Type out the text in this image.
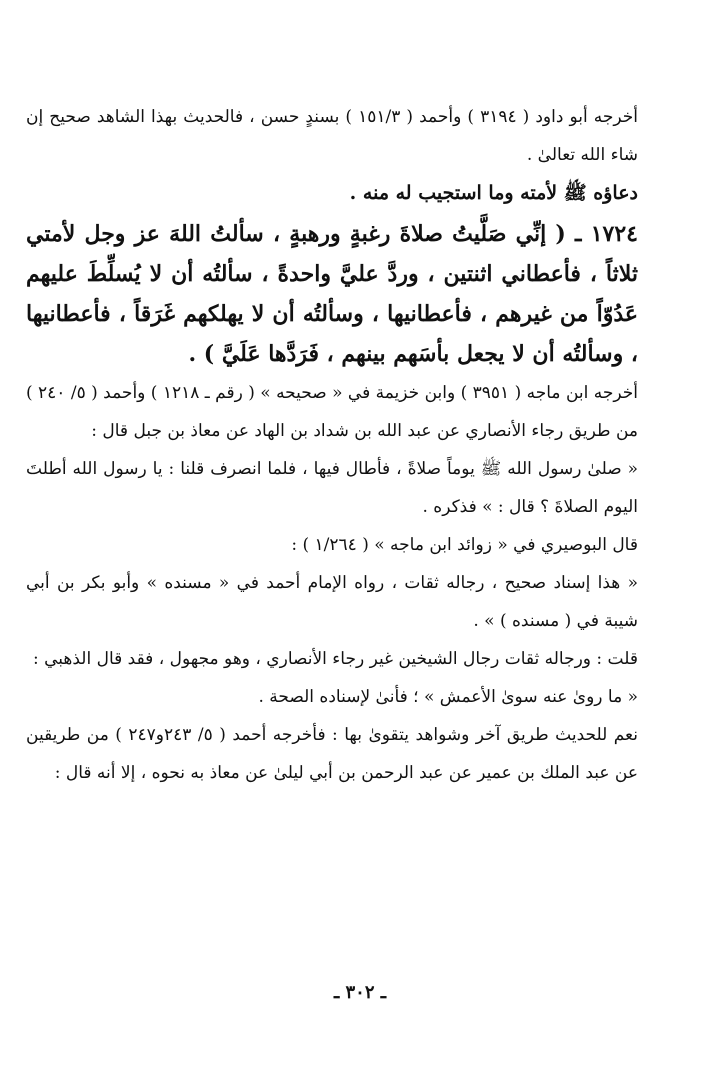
أخرجه أبو داود ( ٣١٩٤ ) وأحمد ( ١٥١/٣ ) بسندٍ حسن ، فالحديث بهذا الشاهد صحيح إن شاء الله تعالىٰ .

دعاؤه ﷺ لأمته وما استجيب له منه .

١٧٢٤ ـ ( إنِّي صَلَّيتُ صلاةَ رغبةٍ ورهبةٍ ، سألتُ اللهَ عز وجل لأمتي ثلاثاً ، فأعطاني اثنتين ، وردَّ عليَّ واحدةً ، سألتُه أن لا يُسلِّطَ عليهم عَدُوّاً من غيرهم ، فأعطانيها ، وسألتُه أن لا يهلكهم غَرَقاً ، فأعطانيها ، وسألتُه أن لا يجعل بأسَهم بينهم ، فَرَدَّها عَلَيَّ ) .

أخرجه ابن ماجه ( ٣٩٥١ ) وابن خزيمة في « صحيحه » ( رقم ـ ١٢١٨ ) وأحمد ( ٥/ ٢٤٠ ) من طريق رجاء الأنصاري عن عبد الله بن شداد بن الهاد عن معاذ بن جبل قال :

« صلىٰ رسول الله ﷺ يوماً صلاةً ، فأطال فيها ، فلما انصرف قلنا : يا رسول الله أطلتَ اليوم الصلاةَ ؟ قال : » فذكره .

قال البوصيري في « زوائد ابن ماجه » ( ١/٢٦٤ ) :

« هذا إسناد صحيح ، رجاله ثقات ، رواه الإمام أحمد في « مسنده » وأبو بكر بن أبي شيبة في ( مسنده ) » .

قلت : ورجاله ثقات رجال الشيخين غير رجاء الأنصاري ، وهو مجهول ، فقد قال الذهبي :

« ما روىٰ عنه سوىٰ الأعمش » ؛ فأنىٰ لإسناده الصحة .

نعم للحديث طريق آخر وشواهد يتقوىٰ بها : فأخرجه أحمد ( ٥/ ٢٤٣و٢٤٧ ) من طريقين عن عبد الملك بن عمير عن عبد الرحمن بن أبي ليلىٰ عن معاذ به نحوه ، إلا أنه قال :

ـ ٣٠٢ ـ
